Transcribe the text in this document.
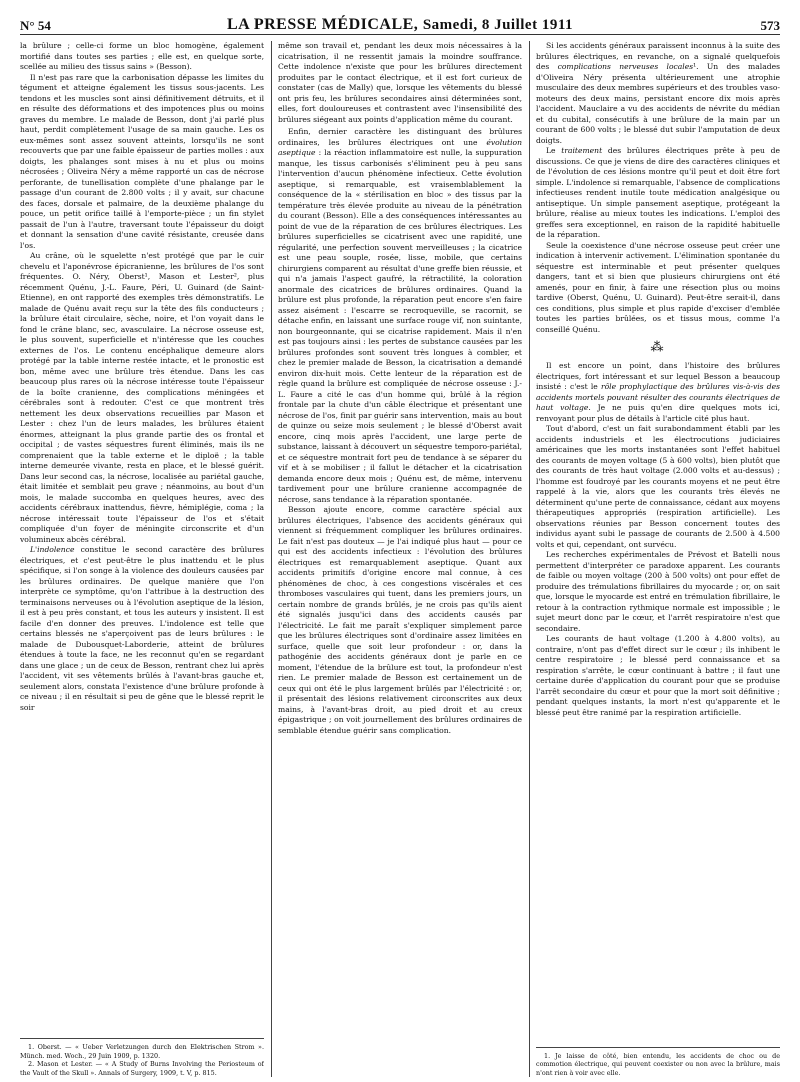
N° 54	LA PRESSE MÉDICALE, Samedi, 8 Juillet 1911	573

la brûlure ; celle-ci forme un bloc homogène, également mortifié dans toutes ses parties ; elle est, en quelque sorte, scellée au milieu des tissus sains » (Besson).

Il n'est pas rare que la carbonisation dépasse les limites du tégument et atteigne également les tissus sous-jacents. Les tendons et les muscles sont ainsi définitivement détruits, et il en résulte des déformations et des impotences plus ou moins graves du membre. Le malade de Besson, dont j'ai parlé plus haut, perdit complètement l'usage de sa main gauche. Les os eux-mêmes sont assez souvent atteints, lorsqu'ils ne sont recouverts que par une faible épaisseur de parties molles : aux doigts, les phalanges sont mises à nu et plus ou moins nécrosées ; Oliveira Néry a même rapporté un cas de nécrose perforante, de tunellisation complète d'une phalange par le passage d'un courant de 2.800 volts ; il y avait, sur chacune des faces, dorsale et palmaire, de la deuxième phalange du pouce, un petit orifice taillé à l'emporte-pièce ; un fin stylet passait de l'un à l'autre, traversant toute l'épaisseur du doigt et donnant la sensation d'une cavité résistante, creusée dans l'os.

Au crâne, où le squelette n'est protégé que par le cuir chevelu et l'aponévrose épicranienne, les brûlures de l'os sont fréquentes. O. Néry, Oberst¹, Mason et Lester², plus récemment Quénu, J.-L. Faure, Péri, U. Guinard (de Saint-Etienne), en ont rapporté des exemples très démonstratifs. Le malade de Quénu avait reçu sur la tête des fils conducteurs ; la brûlure était circulaire, sèche, noire, et l'on voyait dans le fond le crâne blanc, sec, avasculaire. La nécrose osseuse est, le plus souvent, superficielle et n'intéresse que les couches externes de l'os. Le contenu encéphalique demeure alors protégé par la table interne restée intacte, et le pronostic est bon, même avec une brûlure très étendue. Dans les cas beaucoup plus rares où la nécrose intéresse toute l'épaisseur de la boîte cranienne, des complications méningées et cérébrales sont à redouter. C'est ce que montrent très nettement les deux observations recueillies par Mason et Lester : chez l'un de leurs malades, les brûlures étaient énormes, atteignant la plus grande partie des os frontal et occipital ; de vastes séquestres furent éliminés, mais ils ne comprenaient que la table externe et le diploë ; la table interne demeurée vivante, resta en place, et le blessé guérit. Dans leur second cas, la nécrose, localisée au pariétal gauche, était limitée et semblait peu grave ; néanmoins, au bout d'un mois, le malade succomba en quelques heures, avec des accidents cérébraux inattendus, fièvre, hémiplégie, coma ; la nécrose intéressait toute l'épaisseur de l'os et s'était compliquée d'un foyer de méningite circonscrite et d'un volumineux abcès cérébral.

L'indolence constitue le second caractère des brûlures électriques, et c'est peut-être le plus inattendu et le plus spécifique, si l'on songe à la violence des douleurs causées par les brûlures ordinaires. De quelque manière que l'on interprète ce symptôme, qu'on l'attribue à la destruction des terminaisons nerveuses ou à l'évolution aseptique de la lésion, il est à peu près constant, et tous les auteurs y insistent. Il est facile d'en donner des preuves. L'indolence est telle que certains blessés ne s'aperçoivent pas de leurs brûlures : le malade de Dubousquet-Laborderie, atteint de brûlures étendues à toute la face, ne les reconnut qu'en se regardant dans une glace ; un de ceux de Besson, rentrant chez lui après l'accident, vit ses vêtements brûlés à l'avant-bras gauche et, seulement alors, constata l'existence d'une brûlure profonde à ce niveau ; il en résultait si peu de gêne que le blessé reprit le soir

1. Oberst. — « Ueber Verletzungen durch den Elektrischen Strom ». Münch. med. Woch., 29 Juin 1909, p. 1320.

2. Mason et Lester. — « A Study of Burns Involving the Periosteum of the Vault of the Skull ». Annals of Surgery, 1909, t. V, p. 815.

même son travail et, pendant les deux mois nécessaires à la cicatrisation, il ne ressentit jamais la moindre souffrance. Cette indolence n'existe que pour les brûlures directement produites par le contact électrique, et il est fort curieux de constater (cas de Mally) que, lorsque les vêtements du blessé ont pris feu, les brûlures secondaires ainsi déterminées sont, elles, fort douloureuses et contrastent avec l'insensibilité des brûlures siégeant aux points d'application même du courant.

Enfin, dernier caractère les distinguant des brûlures ordinaires, les brûlures électriques ont une évolution aseptique : la réaction inflammatoire est nulle, la suppuration manque, les tissus carbonisés s'éliminent peu à peu sans l'intervention d'aucun phénomène infectieux. Cette évolution aseptique, si remarquable, est vraisemblablement la conséquence de la « stérilisation en bloc » des tissus par la température très élevée produite au niveau de la pénétration du courant (Besson). Elle a des conséquences intéressantes au point de vue de la réparation de ces brûlures électriques. Les brûlures superficielles se cicatrisent avec une rapidité, une régularité, une perfection souvent merveilleuses ; la cicatrice est une peau souple, rosée, lisse, mobile, que certains chirurgiens comparent au résultat d'une greffe bien réussie, et qui n'a jamais l'aspect gaufré, la rétractilité, la coloration anormale des cicatrices de brûlures ordinaires. Quand la brûlure est plus profonde, la réparation peut encore s'en faire assez aisément : l'escarre se recroqueville, se racornit, se détache enfin, en laissant une surface rouge vif, non suintante, non bourgeonnante, qui se cicatrise rapidement. Mais il n'en est pas toujours ainsi : les pertes de substance causées par les brûlures profondes sont souvent très longues à combler, et chez le premier malade de Besson, la cicatrisation a demandé environ dix-huit mois. Cette lenteur de la réparation est de règle quand la brûlure est compliquée de nécrose osseuse : J.-L. Faure a cité le cas d'un homme qui, brûlé à la région frontale par la chute d'un câble électrique et présentant une nécrose de l'os, finit par guérir sans intervention, mais au bout de quinze ou seize mois seulement ; le blessé d'Oberst avait encore, cinq mois après l'accident, une large perte de substance, laissant à découvert un séquestre temporo-pariétal, et ce séquestre montrait fort peu de tendance à se séparer du vif et à se mobiliser ; il fallut le détacher et la cicatrisation demanda encore deux mois ; Quénu est, de même, intervenu tardivement pour une brûlure cranienne accompagnée de nécrose, sans tendance à la réparation spontanée.

Besson ajoute encore, comme caractère spécial aux brûlures électriques, l'absence des accidents généraux qui viennent si fréquemment compliquer les brûlures ordinaires. Le fait n'est pas douteux — je l'ai indiqué plus haut — pour ce qui est des accidents infectieux : l'évolution des brûlures électriques est remarquablement aseptique. Quant aux accidents primitifs d'origine encore mal connue, à ces phénomènes de choc, à ces congestions viscérales et ces thromboses vasculaires qui tuent, dans les premiers jours, un certain nombre de grands brûlés, je ne crois pas qu'ils aient été signalés jusqu'ici dans des accidents causés par l'électricité. Le fait me paraît s'expliquer simplement parce que les brûlures électriques sont d'ordinaire assez limitées en surface, quelle que soit leur profondeur : or, dans la pathogénie des accidents généraux dont je parle en ce moment, l'étendue de la brûlure est tout, la profondeur n'est rien. Le premier malade de Besson est certainement un de ceux qui ont été le plus largement brûlés par l'électricité : or, il présentait des lésions relativement circonscrites aux deux mains, à l'avant-bras droit, au pied droit et au creux épigastrique ; on voit journellement des brûlures ordinaires de semblable étendue guérir sans complication.

Si les accidents généraux paraissent inconnus à la suite des brûlures électriques, en revanche, on a signalé quelquefois des complications nerveuses locales¹. Un des malades d'Oliveira Néry présenta ultérieurement une atrophie musculaire des deux membres supérieurs et des troubles vaso-moteurs des deux mains, persistant encore dix mois après l'accident. Mauclaire a vu des accidents de névrite du médian et du cubital, consécutifs à une brûlure de la main par un courant de 600 volts ; le blessé dut subir l'amputation de deux doigts.

Le traitement des brûlures électriques prête à peu de discussions. Ce que je viens de dire des caractères cliniques et de l'évolution de ces lésions montre qu'il peut et doit être fort simple. L'indolence si remarquable, l'absence de complications infectieuses rendent inutile toute médication analgésique ou antiseptique. Un simple pansement aseptique, protégeant la brûlure, réalise au mieux toutes les indications. L'emploi des greffes sera exceptionnel, en raison de la rapidité habituelle de la réparation.

Seule la coexistence d'une nécrose osseuse peut créer une indication à intervenir activement. L'élimination spontanée du séquestre est interminable et peut présenter quelques dangers, tant et si bien que plusieurs chirurgiens ont été amenés, pour en finir, à faire une résection plus ou moins tardive (Oberst, Quénu, U. Guinard). Peut-être serait-il, dans ces conditions, plus simple et plus rapide d'exciser d'emblée toutes les parties brûlées, os et tissus mous, comme l'a conseillé Quénu.

⁂

Il est encore un point, dans l'histoire des brûlures électriques, fort intéressant et sur lequel Besson a beaucoup insisté : c'est le rôle prophylactique des brûlures vis-à-vis des accidents mortels pouvant résulter des courants électriques de haut voltage. Je ne puis qu'en dire quelques mots ici, renvoyant pour plus de détails à l'article cité plus haut.

Tout d'abord, c'est un fait surabondamment établi par les accidents industriels et les électrocutions judiciaires américaines que les morts instantanées sont l'effet habituel des courants de moyen voltage (5 à 600 volts), bien plutôt que des courants de très haut voltage (2.000 volts et au-dessus) ; l'homme est foudroyé par les courants moyens et ne peut être rappelé à la vie, alors que les courants très élevés ne déterminent qu'une perte de connaissance, cédant aux moyens thérapeutiques appropriés (respiration artificielle). Les observations réunies par Besson concernent toutes des individus ayant subi le passage de courants de 2.500 à 4.500 volts et qui, cependant, ont survécu.

Les recherches expérimentales de Prévost et Batelli nous permettent d'interpréter ce paradoxe apparent. Les courants de faible ou moyen voltage (200 à 500 volts) ont pour effet de produire des trémulations fibrillaires du myocarde ; or, on sait que, lorsque le myocarde est entré en trémulation fibrillaire, le retour à la contraction rythmique normale est impossible ; le sujet meurt donc par le cœur, et l'arrêt respiratoire n'est que secondaire.

Les courants de haut voltage (1.200 à 4.800 volts), au contraire, n'ont pas d'effet direct sur le cœur ; ils inhibent le centre respiratoire ; le blessé perd connaissance et sa respiration s'arrête, le cœur continuant à battre ; il faut une certaine durée d'application du courant pour que se produise l'arrêt secondaire du cœur et pour que la mort soit définitive ; pendant quelques instants, la mort n'est qu'apparente et le blessé peut être ranimé par la respiration artificielle.

1. Je laisse de côté, bien entendu, les accidents de choc ou de commotion électrique, qui peuvent coexister ou non avec la brûlure, mais n'ont rien à voir avec elle.
